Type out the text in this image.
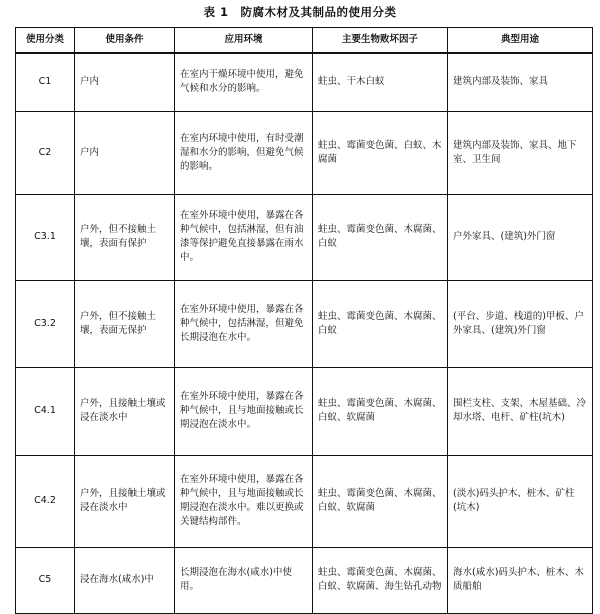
表 1　防腐木材及其制品的使用分类
使用分类	使用条件	应用环境	主要生物败坏因子	典型用途
C1	户内	在室内干燥环境中使用，避免气候和水分的影响。	蛀虫、干木白蚁	建筑内部及装饰、家具
C2	户内	在室内环境中使用，有时受潮湿和水分的影响，但避免气候的影响。	蛀虫、霉菌变色菌、白蚁、木腐菌	建筑内部及装饰、家具、地下室、卫生间
C3.1	户外，但不接触土壤，表面有保护	在室外环境中使用，暴露在各种气候中，包括淋湿，但有油漆等保护避免直接暴露在雨水中。	蛀虫、霉菌变色菌、木腐菌、白蚁	户外家具、(建筑)外门窗
C3.2	户外，但不接触土壤，表面无保护	在室外环境中使用，暴露在各种气候中，包括淋湿，但避免长期浸泡在水中。	蛀虫、霉菌变色菌、木腐菌、白蚁	(平台、步道、栈道的)甲板、户外家具、(建筑)外门窗
C4.1	户外，且接触土壤或浸在淡水中	在室外环境中使用，暴露在各种气候中，且与地面接触或长期浸泡在淡水中。	蛀虫、霉菌变色菌、木腐菌、白蚁、软腐菌	围栏支柱、支架、木屋基础、冷却水塔、电杆、矿柱(坑木)
C4.2	户外，且接触土壤或浸在淡水中	在室外环境中使用，暴露在各种气候中，且与地面接触或长期浸泡在淡水中。难以更换或关键结构部件。	蛀虫、霉菌变色菌、木腐菌、白蚁、软腐菌	(淡水)码头护木、桩木、矿柱(坑木)
C5	浸在海水(咸水)中	长期浸泡在海水(咸水)中使用。	蛀虫、霉菌变色菌、木腐菌、白蚁、软腐菌、海生钻孔动物	海水(咸水)码头护木、桩木、木质船舶
